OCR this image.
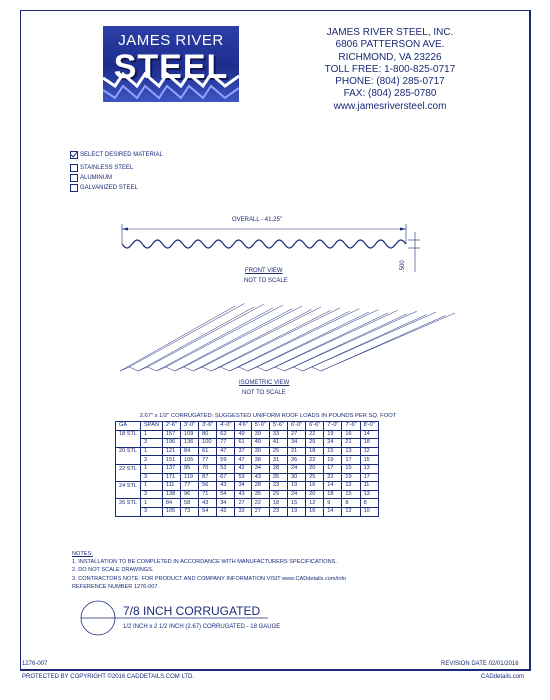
JAMES RIVER
STEEL
JAMES RIVER STEEL, INC.
6806 PATTERSON AVE.
RICHMOND, VA 23226
TOLL FREE: 1-800-825-0717
PHONE: (804) 285-0717
FAX: (804) 285-0780
www.jamesriversteel.com
SELECT DESIRED MATERIAL
STAINLESS STEEL
ALUMINUM
GALVANIZED STEEL
OVERALL - 41.25"
.500
FRONT VIEW
NOT TO SCALE
ISOMETRIC VIEW
NOT TO SCALE
2.67" x 1/2" CORRUGATED: SUGGESTED UNIFORM ROOF LOADS IN POUNDS PER SQ. FOOT
GA	SPAN	2'-6"	3'-0"	3'-6"	4'-0"	4'6"	5'-0"	5'-6"	6'-0"	6'-6"	7'-0"	7'-6"	8'-0"
18 STL	1	157	109	80	62	49	39	33	27	22	19	16	14
	3	196	136	100	77	61	49	41	34	29	24	21	18
20 STL	1	121	84	61	47	37	30	25	21	18	15	13	12
	3	151	105	77	59	47	38	31	26	22	19	17	15
22 STL	1	137	95	70	53	42	34	28	24	20	17	15	13
	3	171	119	87	67	53	43	35	30	25	22	19	17
24 STL	1	111	77	56	43	34	28	23	19	16	14	12	11
	3	138	96	71	54	43	35	29	24	20	18	15	13
26 STL	1	84	58	43	34	27	22	18	15	12	9	8	8
	3	105	73	54	42	33	27	23	19	16	14	12	10
NOTES:
1. INSTALLATION TO BE COMPLETED IN ACCORDANCE WITH MANUFACTURERS SPECIFICATIONS.
2. DO NOT SCALE DRAWINGS.
3. CONTRACTORS NOTE: FOR PRODUCT AND COMPANY INFORMATION VISIT www.CADdetails.com/info
REFERENCE NUMBER 1276-007.
7/8 INCH CORRUGATED
1/2 INCH x 2 1/2 INCH (2.67) CORRUGATED - 18 GAUGE
1276-007	REVISION DATE 02/01/2016
PROTECTED BY COPYRIGHT ©2016 CADDETAILS.COM LTD.	CADdetails.com
